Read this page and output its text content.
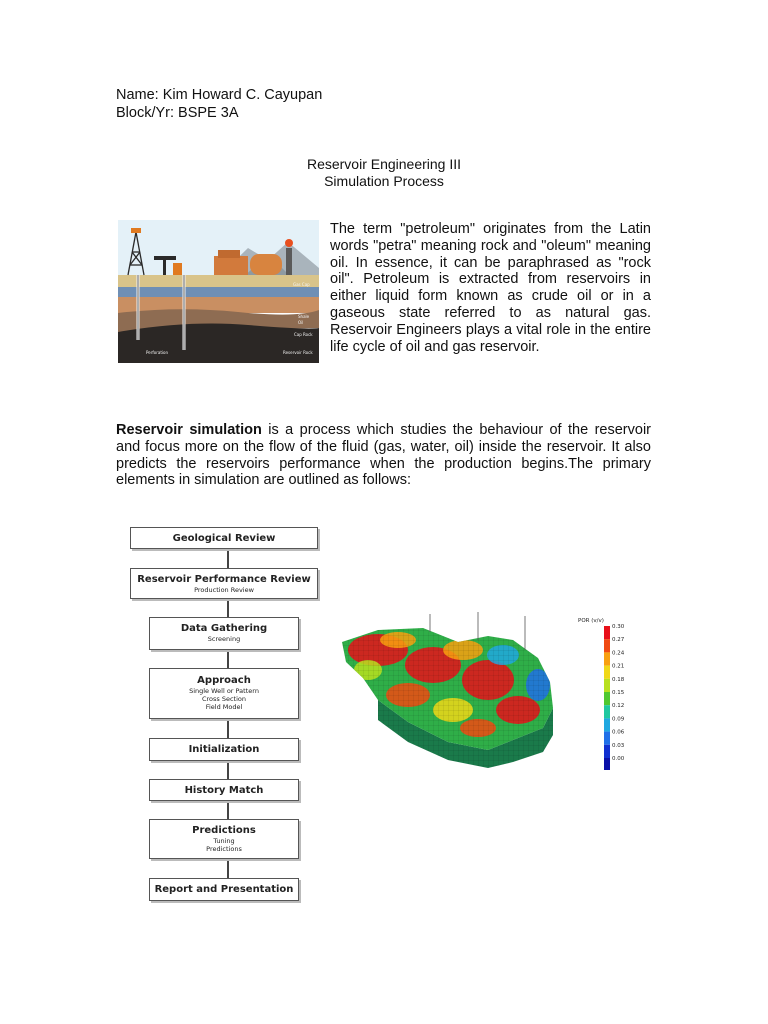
Name: Kim Howard C. Cayupan
Block/Yr: BSPE 3A
Reservoir Engineering III
Simulation Process
Gas Cap
Shale
Oil
Cap Rock
Perforation	Reservoir Rock
The term "petroleum" originates from the Latin words "petra" meaning rock and "oleum" meaning oil. In essence, it can be paraphrased as "rock oil". Petroleum is extracted from reservoirs in either liquid form known as crude oil or in a gaseous state referred to as natural gas. Reservoir Engineers plays a vital role in the entire life cycle of oil and gas reservoir.
Reservoir simulation is a process which studies the behaviour of the reservoir and focus more on the flow of the fluid (gas, water, oil) inside the reservoir. It also predicts the reservoirs performance when the production begins.The primary elements in simulation are outlined as follows:
Geological Review
Reservoir Performance Review
Production Review
Data Gathering
Screening
Approach
Single Well or Pattern
Cross Section
Field Model
Initialization
History Match
Predictions
Tuning
Predictions
Report and Presentation
POR (v/v)
0.30
0.27
0.24
0.21
0.18
0.15
0.12
0.09
0.06
0.03
0.00
